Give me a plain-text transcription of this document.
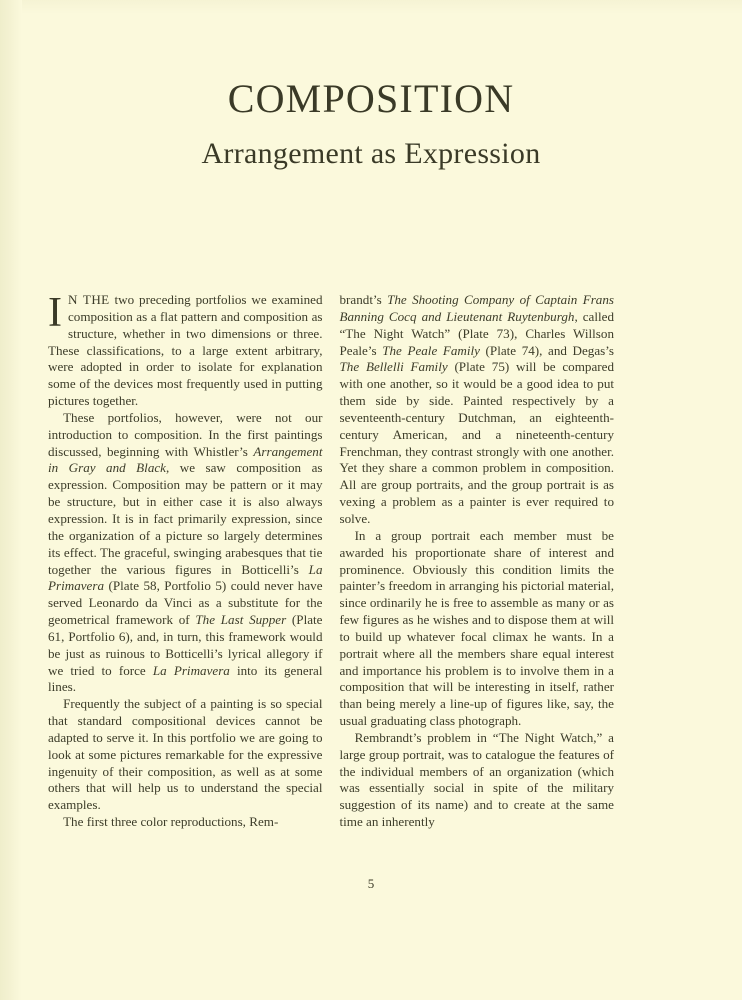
COMPOSITION
Arrangement as Expression

I N THE two preceding portfolios we examined composition as a flat pattern and composition as structure, whether in two dimensions or three. These classifications, to a large extent arbitrary, were adopted in order to isolate for explanation some of the devices most frequently used in putting pictures together.

These portfolios, however, were not our introduction to composition. In the first paintings discussed, beginning with Whistler’s Arrangement in Gray and Black, we saw composition as expression. Composition may be pattern or it may be structure, but in either case it is also always expression. It is in fact primarily expression, since the organization of a picture so largely determines its effect. The graceful, swinging arabesques that tie together the various figures in Botticelli’s La Primavera (Plate 58, Portfolio 5) could never have served Leonardo da Vinci as a substitute for the geometrical framework of The Last Supper (Plate 61, Portfolio 6), and, in turn, this framework would be just as ruinous to Botticelli’s lyrical allegory if we tried to force La Primavera into its general lines.

Frequently the subject of a painting is so special that standard compositional devices cannot be adapted to serve it. In this portfolio we are going to look at some pictures remarkable for the expressive ingenuity of their composition, as well as at some others that will help us to understand the special examples.

The first three color reproductions, Rem-

brandt’s The Shooting Company of Captain Frans Banning Cocq and Lieutenant Ruytenburgh, called “The Night Watch” (Plate 73), Charles Willson Peale’s The Peale Family (Plate 74), and Degas’s The Bellelli Family (Plate 75) will be compared with one another, so it would be a good idea to put them side by side. Painted respectively by a seventeenth-century Dutchman, an eighteenth-century American, and a nineteenth-century Frenchman, they contrast strongly with one another. Yet they share a common problem in composition. All are group portraits, and the group portrait is as vexing a problem as a painter is ever required to solve.

In a group portrait each member must be awarded his proportionate share of interest and prominence. Obviously this condition limits the painter’s freedom in arranging his pictorial material, since ordinarily he is free to assemble as many or as few figures as he wishes and to dispose them at will to build up whatever focal climax he wants. In a portrait where all the members share equal interest and importance his problem is to involve them in a composition that will be interesting in itself, rather than being merely a line-up of figures like, say, the usual graduating class photograph.

Rembrandt’s problem in “The Night Watch,” a large group portrait, was to catalogue the features of the individual members of an organization (which was essentially social in spite of the military suggestion of its name) and to create at the same time an inherently

5
